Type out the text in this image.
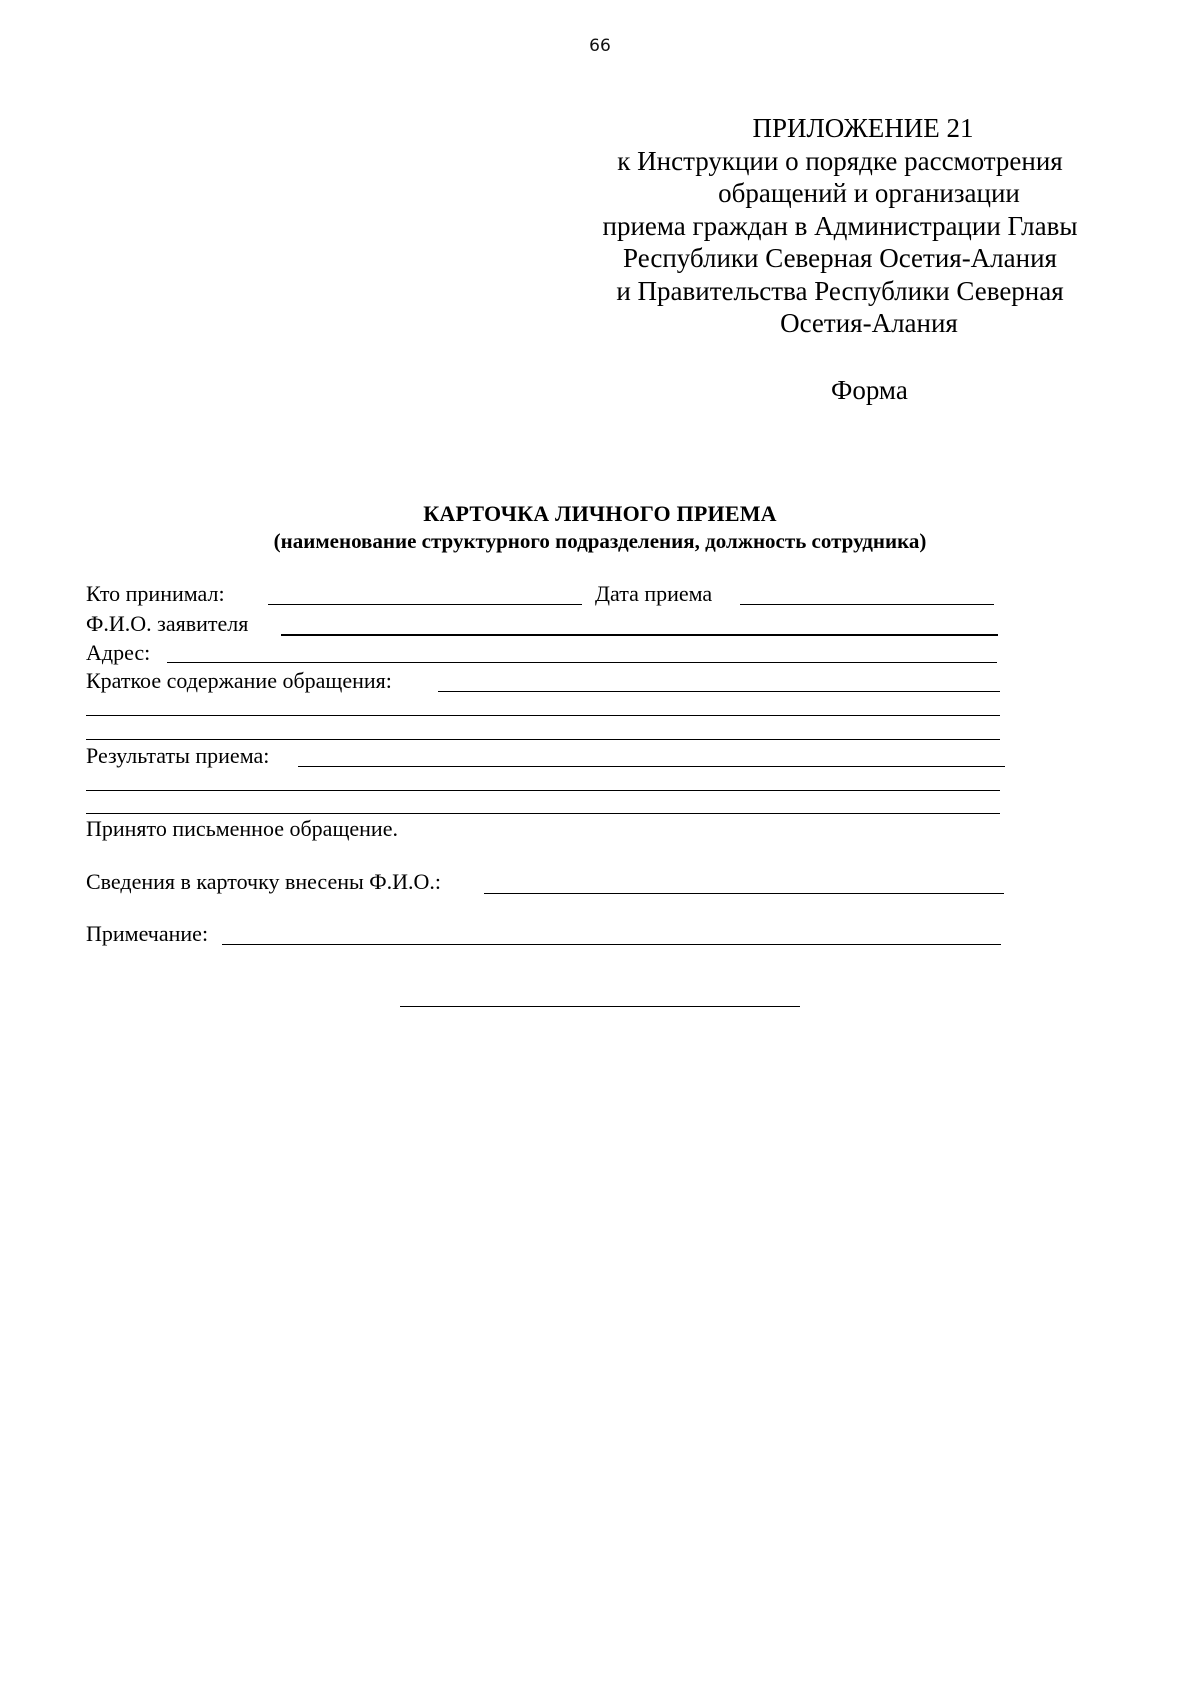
66
ПРИЛОЖЕНИЕ 21
к Инструкции о порядке рассмотрения
обращений и организации
приема граждан в Администрации Главы
Республики Северная Осетия-Алания
и Правительства Республики Северная
Осетия-Алания
Форма
КАРТОЧКА ЛИЧНОГО ПРИЕМА
(наименование структурного подразделения, должность сотрудника)
Кто принимал:	Дата приема
Ф.И.О. заявителя
Адрес:
Краткое содержание обращения:
Результаты приема:
Принято письменное обращение.
Сведения в карточку внесены Ф.И.О.:
Примечание:
